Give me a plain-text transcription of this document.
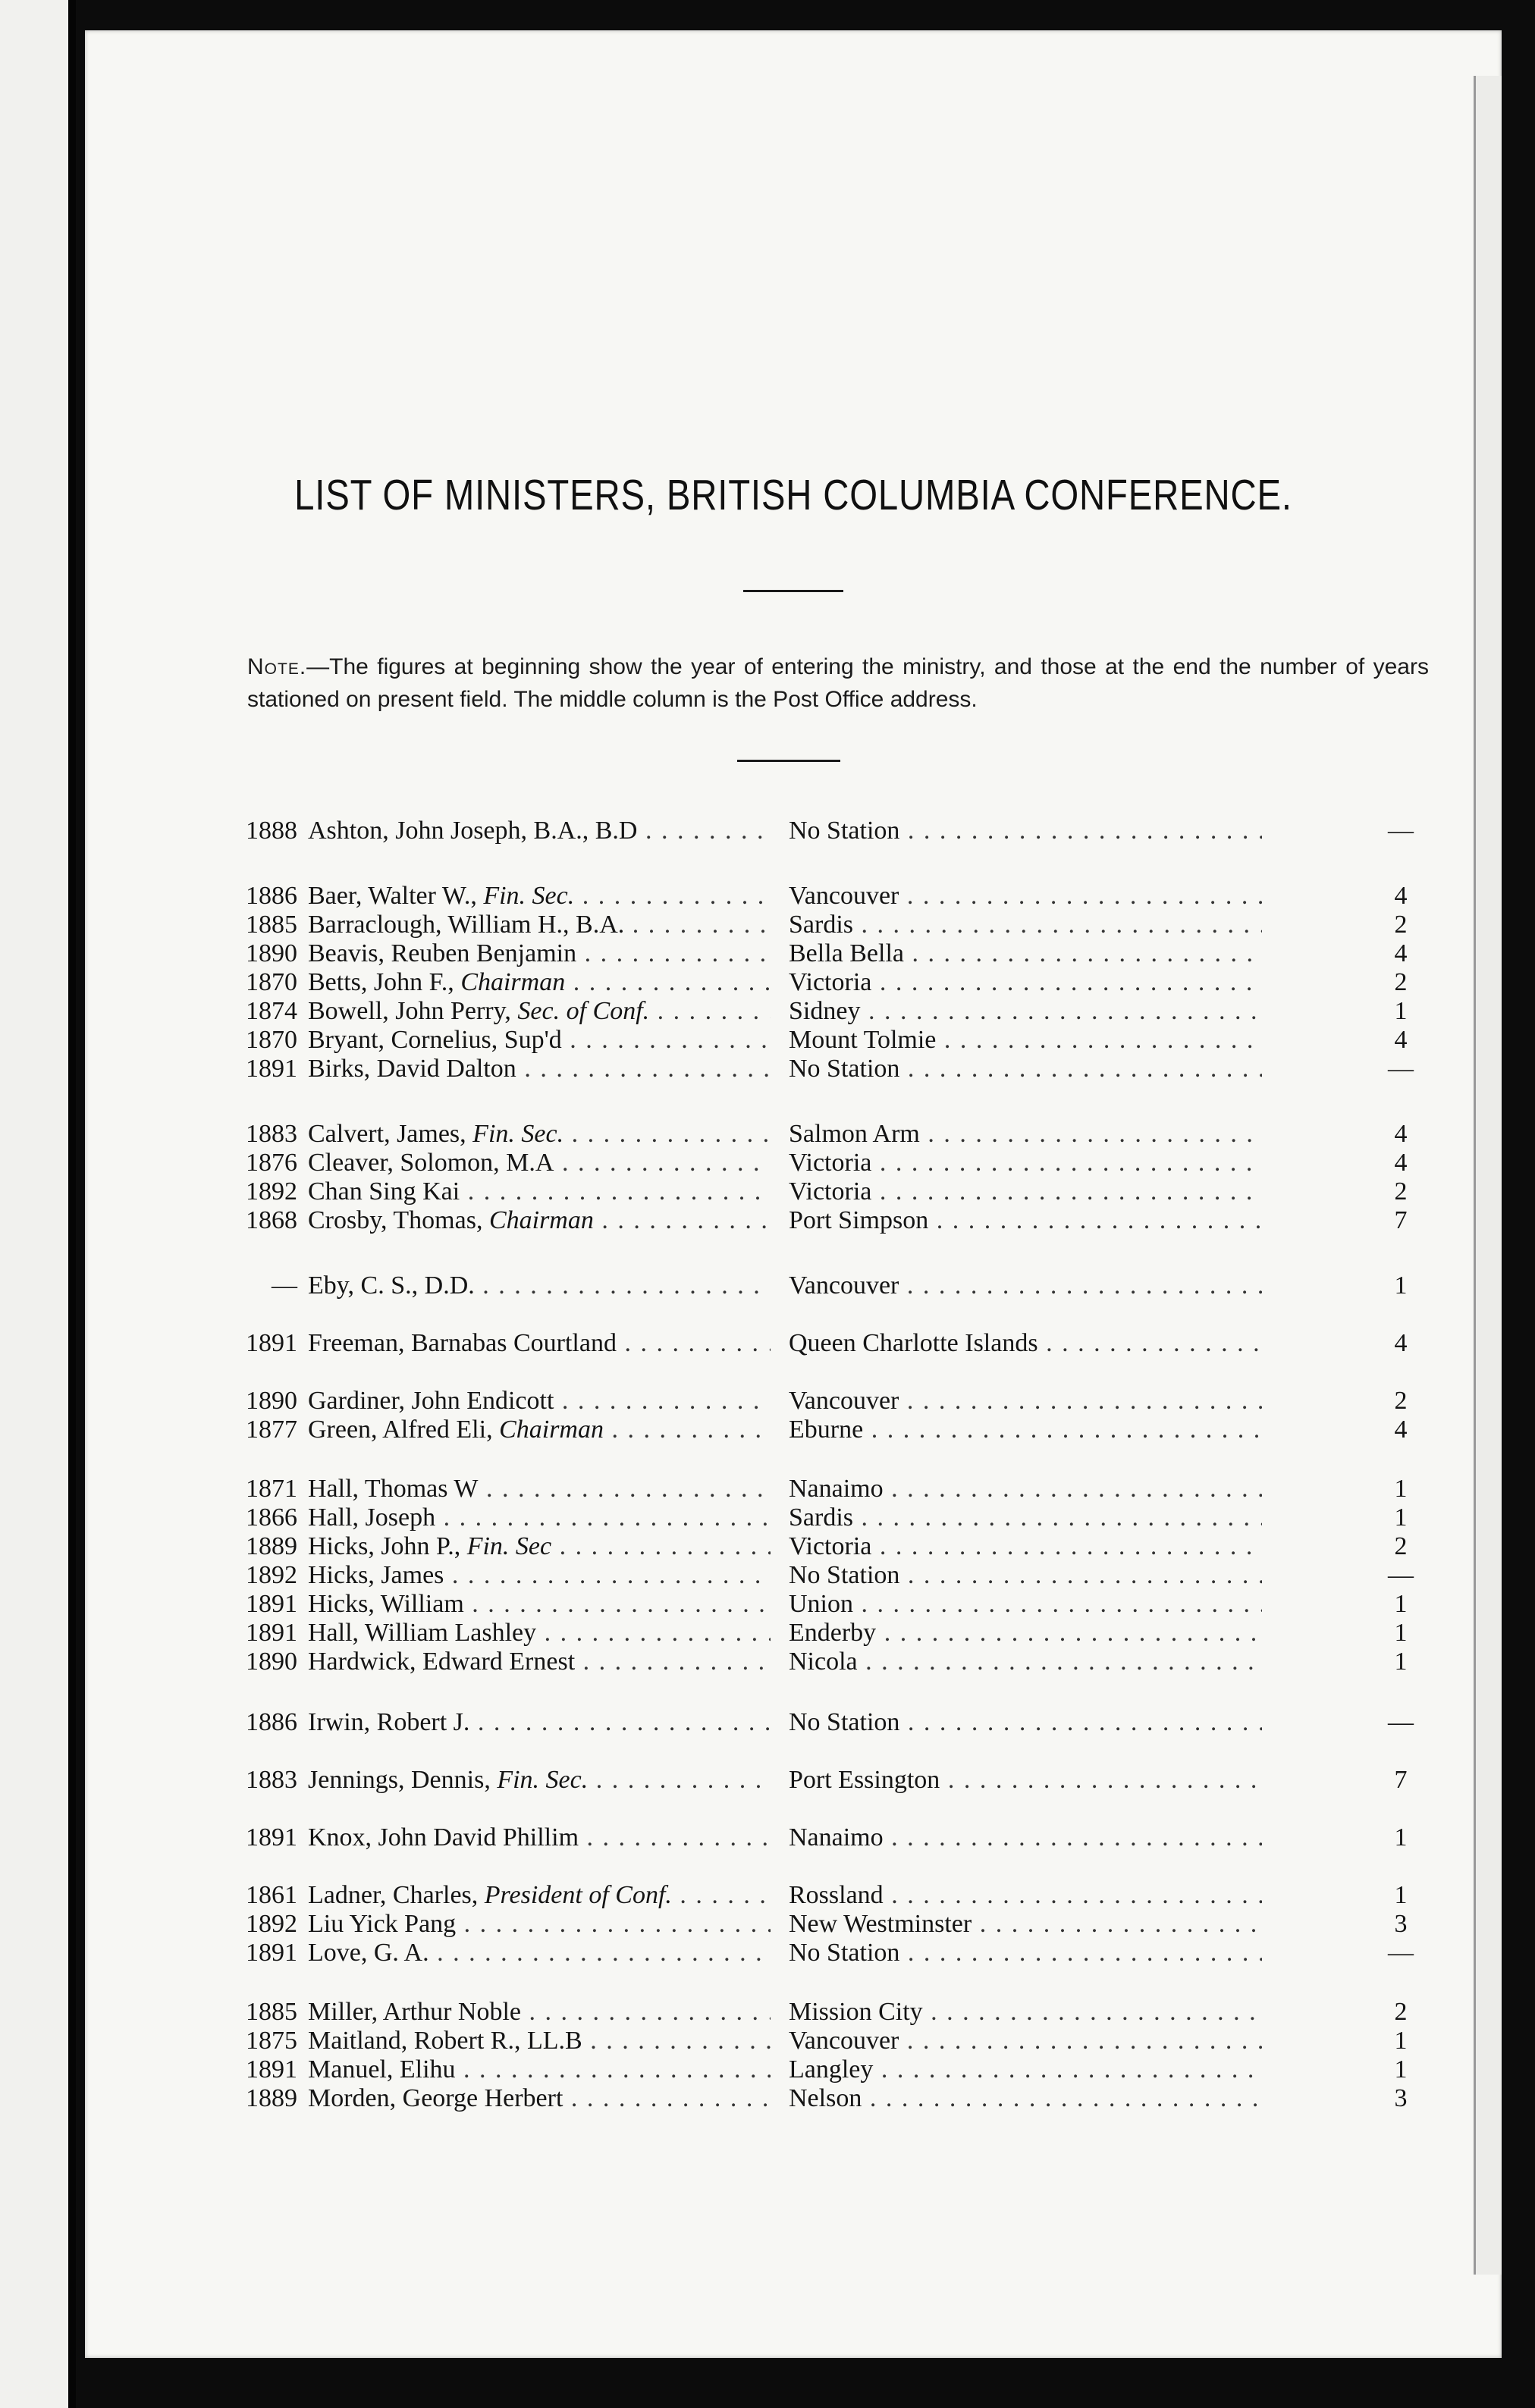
LIST OF MINISTERS, BRITISH COLUMBIA CONFERENCE.
Note.—The figures at beginning show the year of entering the ministry, and those at the end the number of years stationed on present field. The middle column is the Post Office address.
1888 Ashton, John Joseph, B.A., B.D . . .	No Station . . .	—
1886 Baer, Walter W., Fin. Sec. . . .	Vancouver . . .	4
1885 Barraclough, William H., B.A. . . .	Sardis . . .	2
1890 Beavis, Reuben Benjamin . . .	Bella Bella . . .	4
1870 Betts, John F., Chairman . . .	Victoria . . .	2
1874 Bowell, John Perry, Sec. of Conf. . . .	Sidney . . .	1
1870 Bryant, Cornelius, Sup'd . . .	Mount Tolmie . . .	4
1891 Birks, David Dalton . . .	No Station . . .	—
1883 Calvert, James, Fin. Sec. . . .	Salmon Arm . . .	4
1876 Cleaver, Solomon, M.A . . .	Victoria . . .	4
1892 Chan Sing Kai . . .	Victoria . . .	2
1868 Crosby, Thomas, Chairman . . .	Port Simpson . . .	7
— Eby, C. S., D.D. . . .	Vancouver . . .	1
1891 Freeman, Barnabas Courtland . . .	Queen Charlotte Islands . . .	4
1890 Gardiner, John Endicott . . .	Vancouver . . .	2
1877 Green, Alfred Eli, Chairman . . .	Eburne . . .	4
1871 Hall, Thomas W . . .	Nanaimo . . .	1
1866 Hall, Joseph . . .	Sardis . . .	1
1889 Hicks, John P., Fin. Sec . . .	Victoria . . .	2
1892 Hicks, James . . .	No Station . . .	—
1891 Hicks, William . . .	Union . . .	1
1891 Hall, William Lashley . . .	Enderby . . .	1
1890 Hardwick, Edward Ernest . . .	Nicola . . .	1
1886 Irwin, Robert J. . . .	No Station . . .	—
1883 Jennings, Dennis, Fin. Sec. . . .	Port Essington . . .	7
1891 Knox, John David Phillim . . .	Nanaimo . . .	1
1861 Ladner, Charles, President of Conf. . . .	Rossland . . .	1
1892 Liu Yick Pang . . .	New Westminster . . .	3
1891 Love, G. A. . . .	No Station . . .	—
1885 Miller, Arthur Noble . . .	Mission City . . .	2
1875 Maitland, Robert R., LL.B . . .	Vancouver . . .	1
1891 Manuel, Elihu . . .	Langley . . .	1
1889 Morden, George Herbert . . .	Nelson . . .	3
